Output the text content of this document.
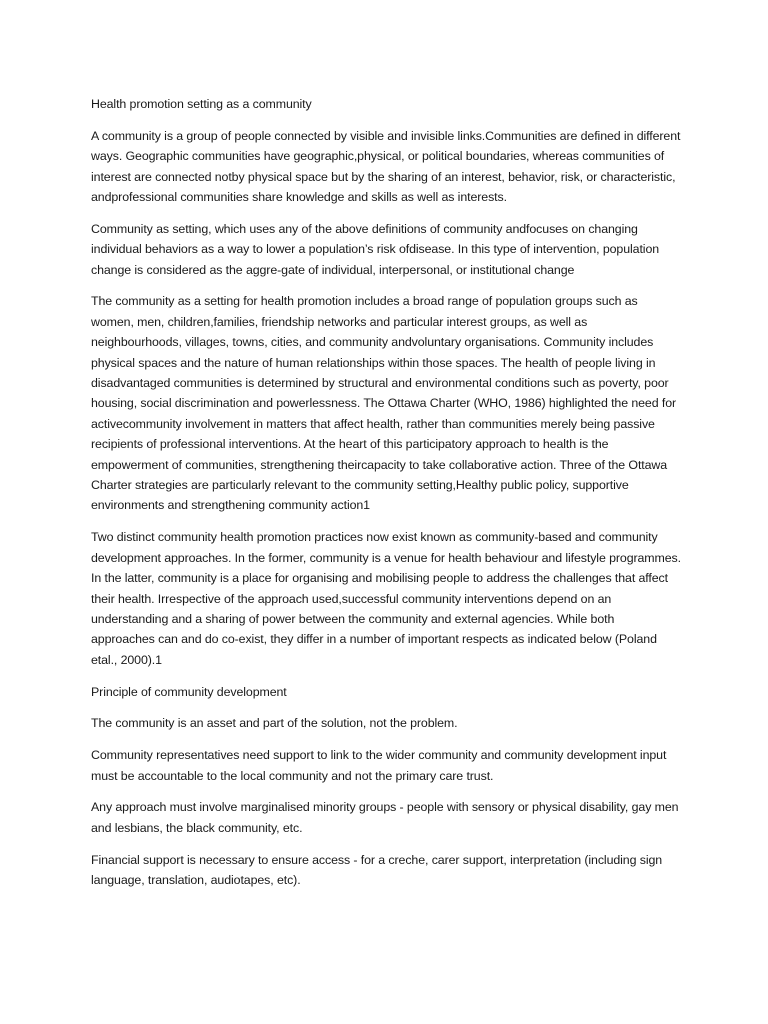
Health promotion setting as a community

A community is a group of people connected by visible and invisible links.Communities are defined in different ways. Geographic communities have geographic,physical, or political boundaries, whereas communities of interest are connected notby physical space but by the sharing of an interest, behavior, risk, or characteristic, andprofessional communities share knowledge and skills as well as interests.

Community as setting, which uses any of the above definitions of community andfocuses on changing individual behaviors as a way to lower a population’s risk ofdisease. In this type of intervention, population change is considered as the aggre-gate of individual, interpersonal, or institutional change

The community as a setting for health promotion includes a broad range of population groups such as women, men, children,families, friendship networks and particular interest groups, as well as neighbourhoods, villages, towns, cities, and community andvoluntary organisations. Community includes physical spaces and the nature of human relationships within those spaces. The health of people living in disadvantaged communities is determined by structural and environmental conditions such as poverty, poor housing, social discrimination and powerlessness. The Ottawa Charter (WHO, 1986) highlighted the need for activecommunity involvement in matters that affect health, rather than communities merely being passive recipients of professional interventions. At the heart of this participatory approach to health is the empowerment of communities, strengthening theircapacity to take collaborative action. Three of the Ottawa Charter strategies are particularly relevant to the community setting,Healthy public policy, supportive environments and strengthening community action1

Two distinct community health promotion practices now exist known as community-based and community development approaches. In the former, community is a venue for health behaviour and lifestyle programmes. In the latter, community is a place for organising and mobilising people to address the challenges that affect their health. Irrespective of the approach used,successful community interventions depend on an understanding and a sharing of power between the community and external agencies. While both approaches can and do co-exist, they differ in a number of important respects as indicated below (Poland etal., 2000).1

Principle of community development

The community is an asset and part of the solution, not the problem.

Community representatives need support to link to the wider community and community development input must be accountable to the local community and not the primary care trust.

Any approach must involve marginalised minority groups - people with sensory or physical disability, gay men and lesbians, the black community, etc.

Financial support is necessary to ensure access - for a creche, carer support, interpretation (including sign language, translation, audiotapes, etc).
